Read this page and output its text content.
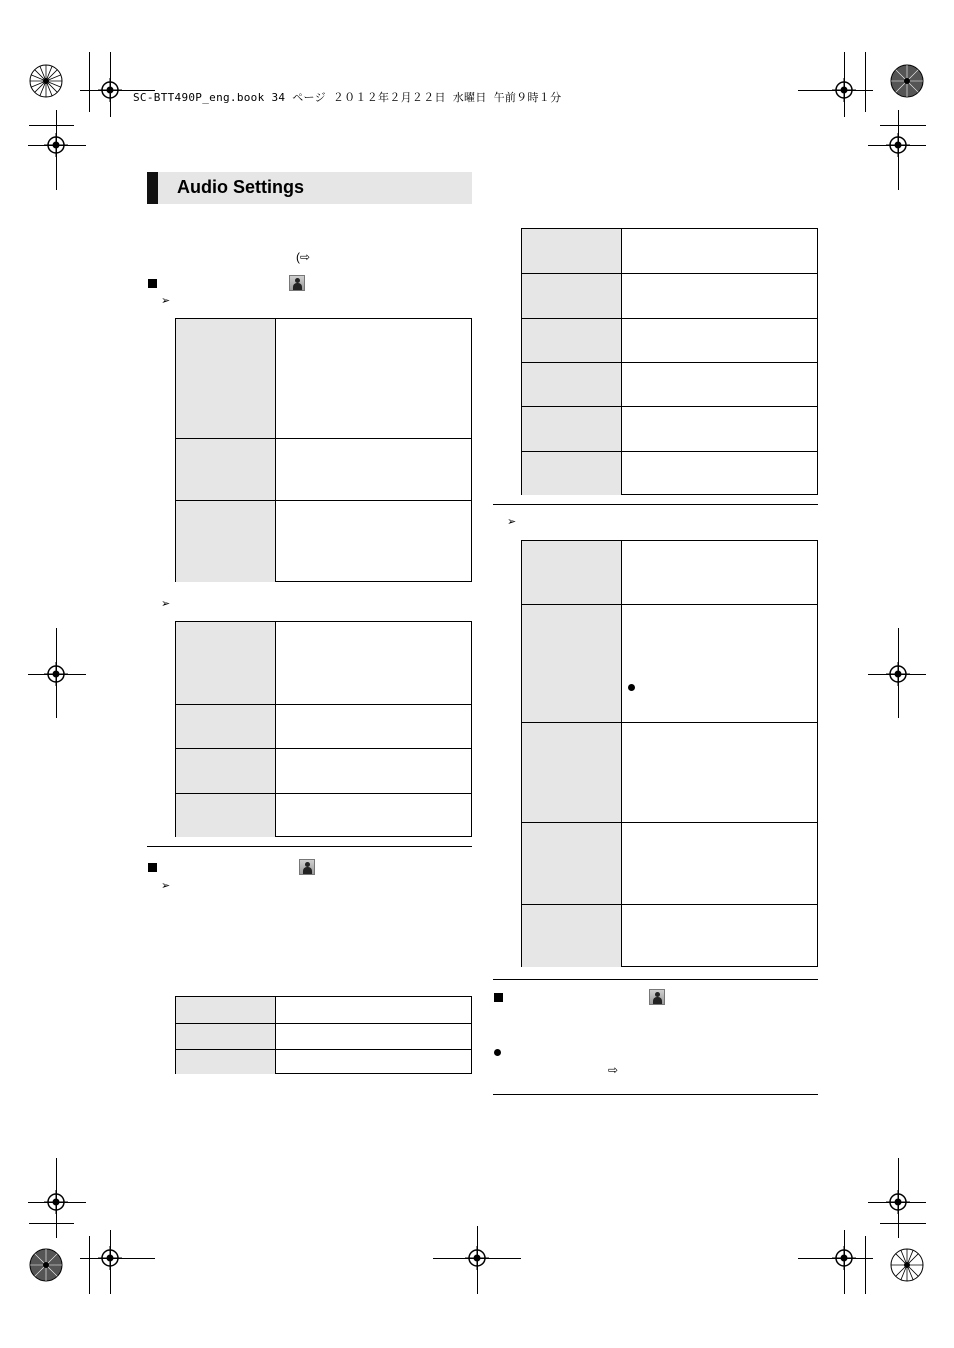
SC-BTT490P_eng.book 34 ページ ２０１２年２月２２日 水曜日 午前９時１分
Audio Settings
(⇨
➢
➢
➢
➢
⇨
